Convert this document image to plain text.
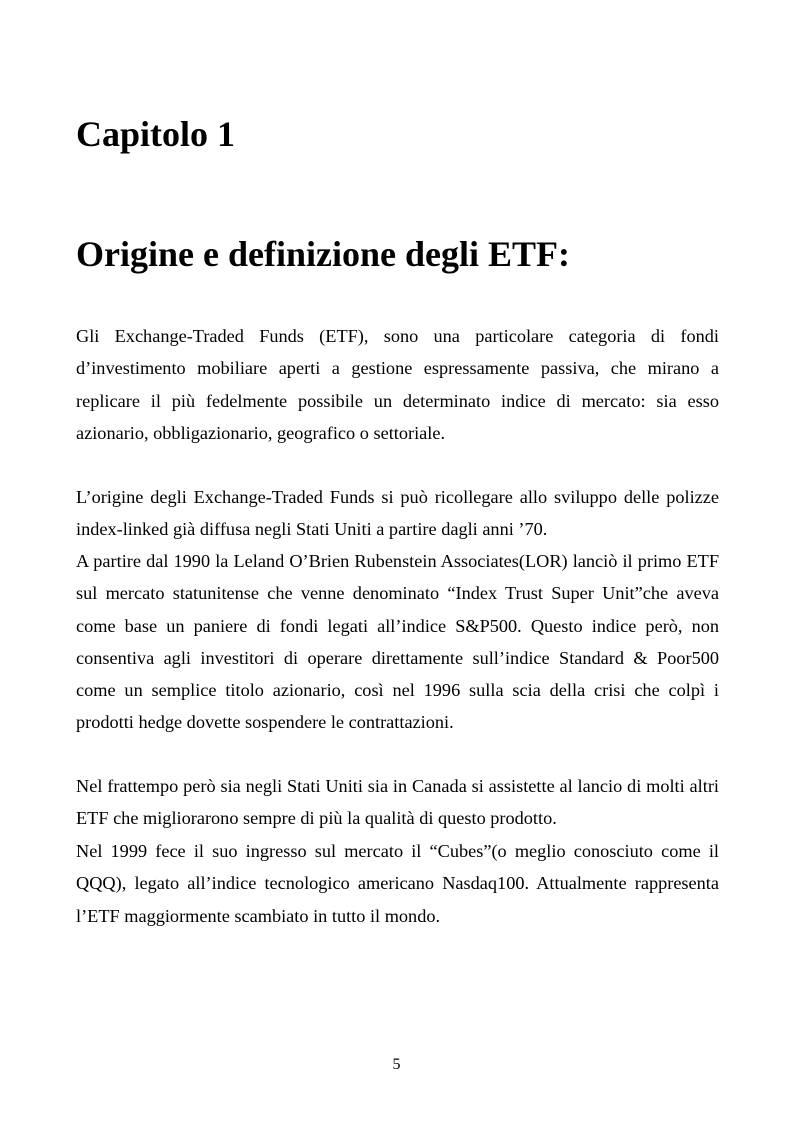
Capitolo 1
Origine e definizione degli ETF:

Gli Exchange-Traded Funds (ETF), sono una particolare categoria di fondi d’investimento mobiliare aperti a gestione espressamente passiva, che mirano a replicare il più fedelmente possibile un determinato indice di mercato: sia esso azionario, obbligazionario, geografico o settoriale.

L’origine degli Exchange-Traded Funds si può ricollegare allo sviluppo delle polizze index-linked già diffusa negli Stati Uniti a partire dagli anni ’70.

A partire dal 1990 la Leland O’Brien Rubenstein Associates(LOR) lanciò il primo ETF sul mercato statunitense che venne denominato “Index Trust Super Unit”che aveva come base un paniere di fondi legati all’indice S&P500. Questo indice però, non consentiva agli investitori di operare direttamente sull’indice Standard & Poor500 come un semplice titolo azionario, così nel 1996 sulla scia della crisi che colpì i prodotti hedge dovette sospendere le contrattazioni.

Nel frattempo però sia negli Stati Uniti sia in Canada si assistette al lancio di molti altri ETF che migliorarono sempre di più la qualità di questo prodotto.

Nel 1999 fece il suo ingresso sul mercato il “Cubes”(o meglio conosciuto come il QQQ), legato all’indice tecnologico americano Nasdaq100. Attualmente rappresenta l’ETF maggiormente scambiato in tutto il mondo.

5
